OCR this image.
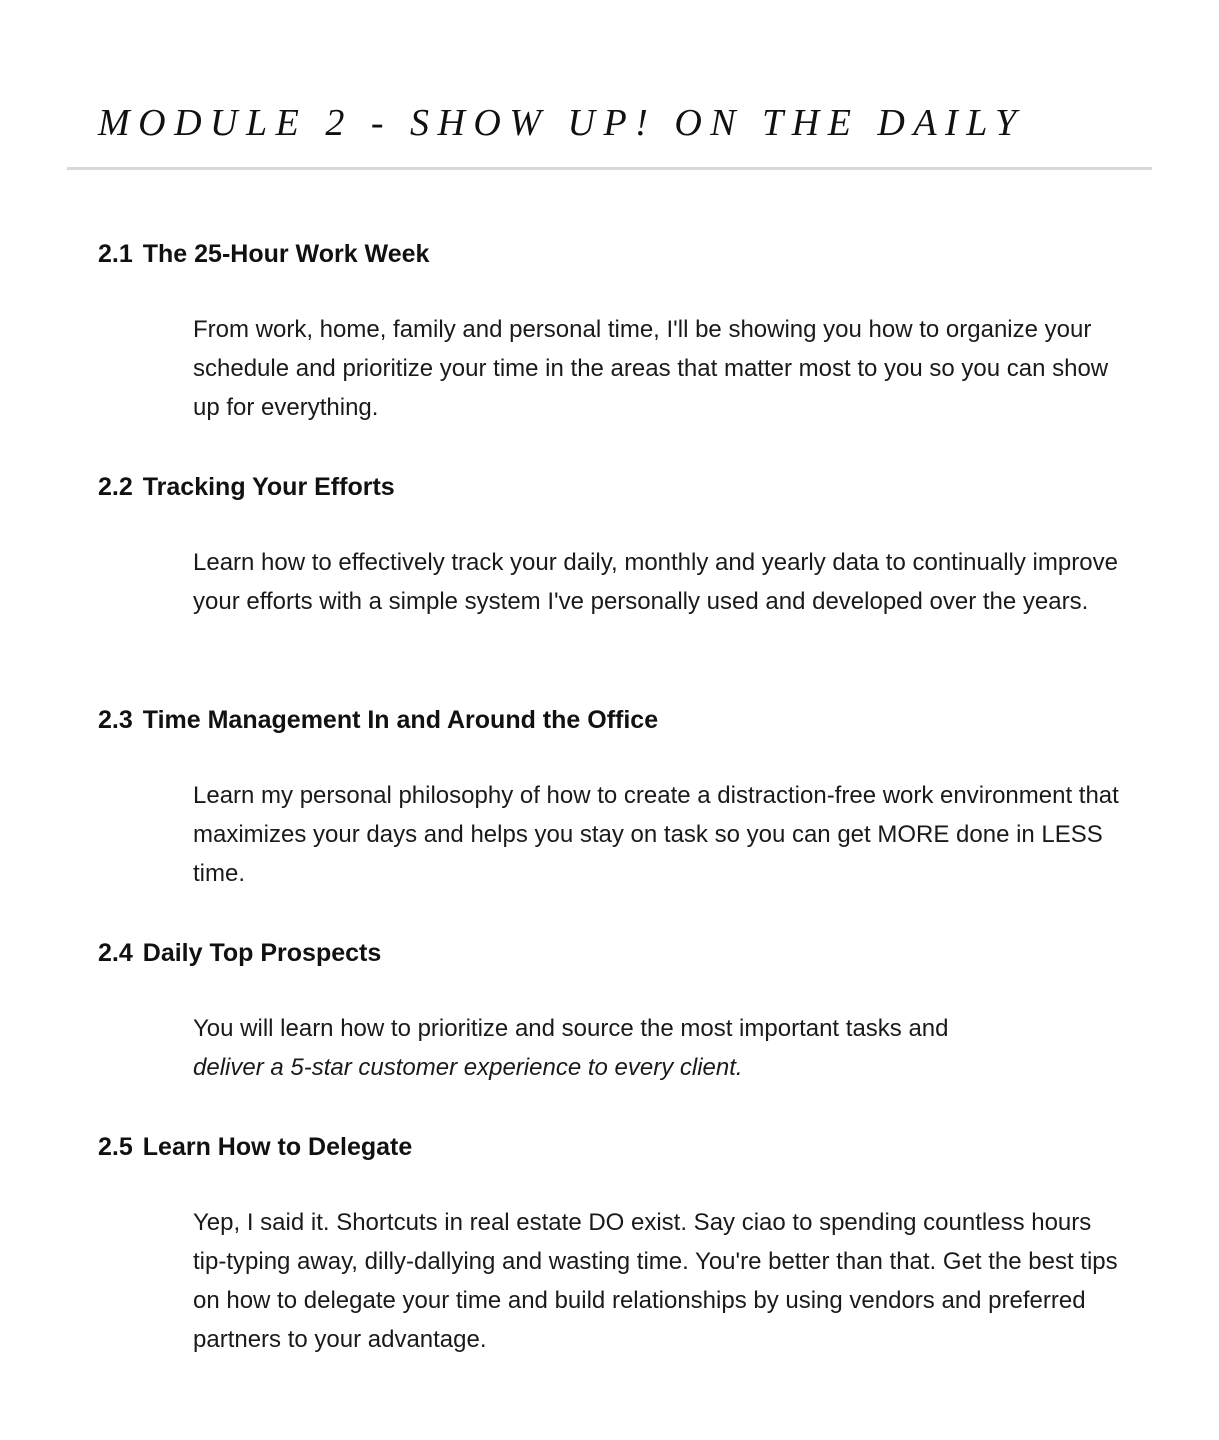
MODULE 2 - SHOW UP! ON THE DAILY
2.1 The 25-Hour Work Week

From work, home, family and personal time, I'll be showing you how to organize your schedule and prioritize your time in the areas that matter most to you so you can show up for everything.

2.2 Tracking Your Efforts

Learn how to effectively track your daily, monthly and yearly data to continually improve your efforts with a simple system I've personally used and developed over the years.

2.3 Time Management In and Around the Office

Learn my personal philosophy of how to create a distraction-free work environment that maximizes your days and helps you stay on task so you can get MORE done in LESS time.

2.4 Daily Top Prospects

You will learn how to prioritize and source the most important tasks and
deliver a 5-star customer experience to every client.

2.5 Learn How to Delegate

Yep, I said it. Shortcuts in real estate DO exist. Say ciao to spending countless hours tip-typing away, dilly-dallying and wasting time. You're better than that. Get the best tips on how to delegate your time and build relationships by using vendors and preferred partners to your advantage.
